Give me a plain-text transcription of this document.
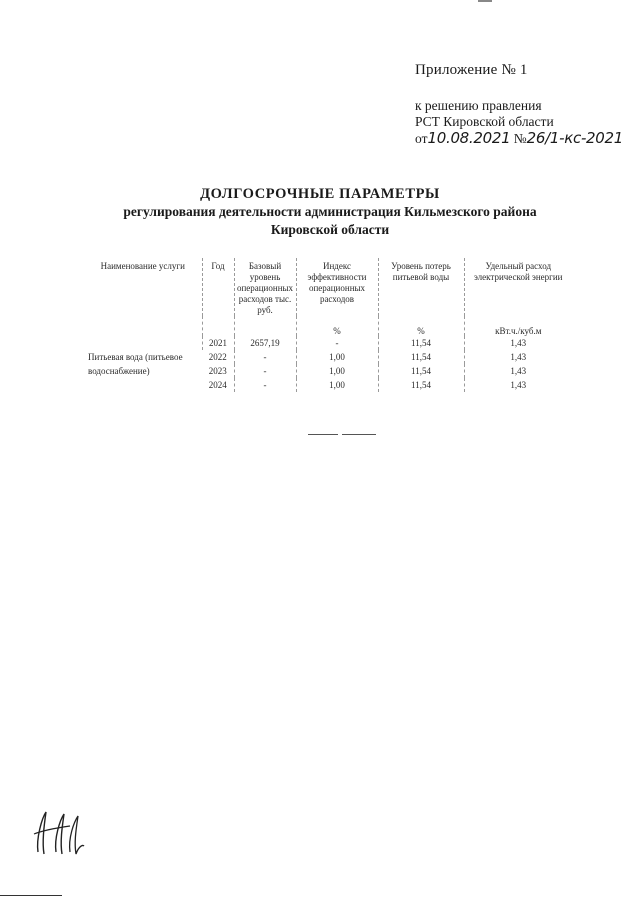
Приложение № 1
к решению правления
РСТ Кировской области
от10.08.2021 №26/1-кс-2021
ДОЛГОСРОЧНЫЕ ПАРАМЕТРЫ
регулирования деятельности администрация Кильмезского района
Кировской области
Наименование услуги	Год	Базовый уровень операционных расходов тыс. руб.	Индекс эффективности операционных расходов	Уровень потерь питьевой воды	Удельный расход электрической энергии
			%	%	кВт.ч./куб.м
Питьевая вода (питьевое водоснабжение)	2021	2657,19	-	11,54	1,43
	2022	-	1,00	11,54	1,43
	2023	-	1,00	11,54	1,43
	2024	-	1,00	11,54	1,43
